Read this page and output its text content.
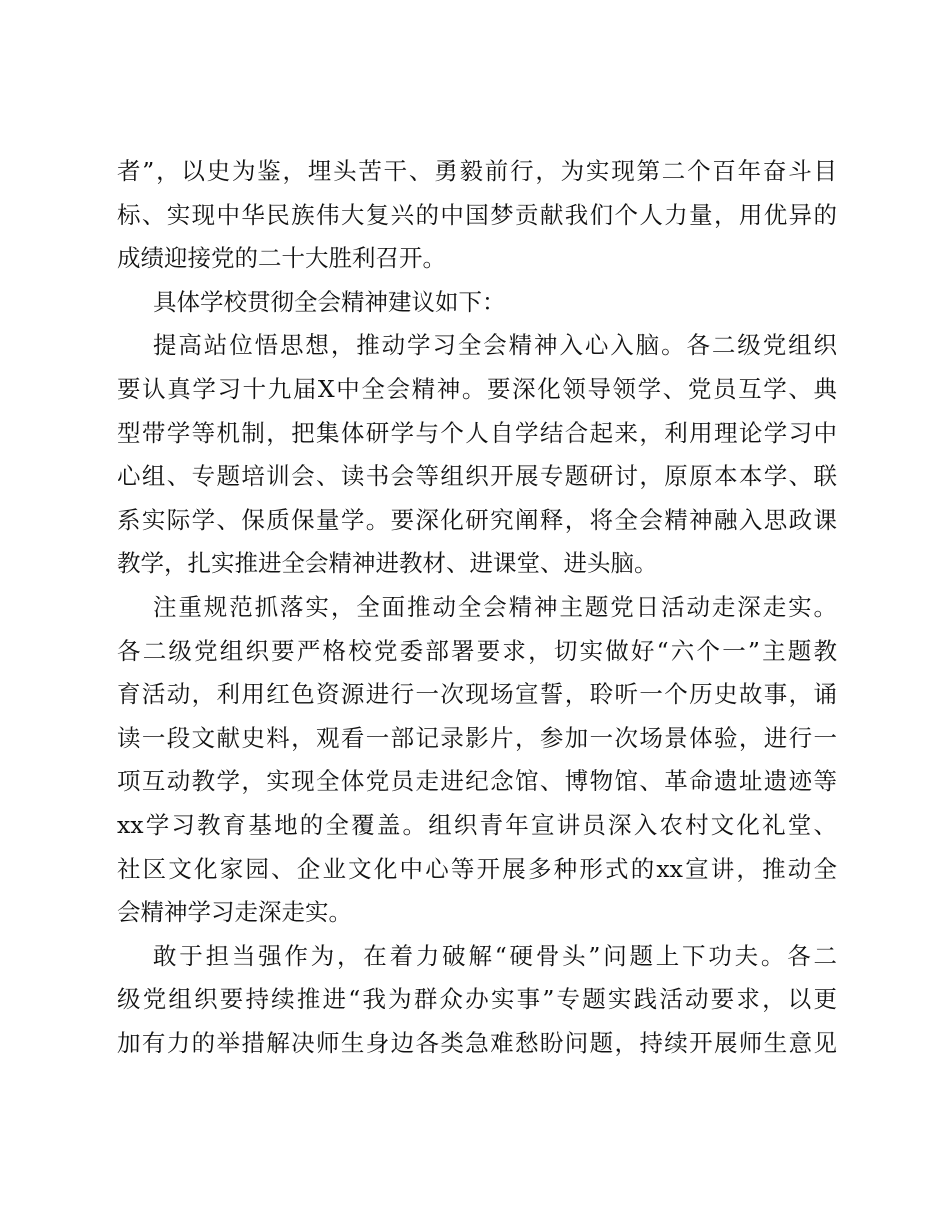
者”，以史为鉴，埋头苦干、勇毅前行，为实现第二个百年奋斗目
标、实现中华民族伟大复兴的中国梦贡献我们个人力量，用优异的
成绩迎接党的二十大胜利召开。
具体学校贯彻全会精神建议如下：
提高站位悟思想，推动学习全会精神入心入脑。各二级党组织
要认真学习十九届X中全会精神。要深化领导领学、党员互学、典
型带学等机制，把集体研学与个人自学结合起来，利用理论学习中
心组、专题培训会、读书会等组织开展专题研讨，原原本本学、联
系实际学、保质保量学。要深化研究阐释，将全会精神融入思政课
教学，扎实推进全会精神进教材、进课堂、进头脑。
注重规范抓落实，全面推动全会精神主题党日活动走深走实。
各二级党组织要严格校党委部署要求，切实做好“六个一”主题教
育活动，利用红色资源进行一次现场宣誓，聆听一个历史故事，诵
读一段文献史料，观看一部记录影片，参加一次场景体验，进行一
项互动教学，实现全体党员走进纪念馆、博物馆、革命遗址遗迹等
xx学习教育基地的全覆盖。组织青年宣讲员深入农村文化礼堂、
社区文化家园、企业文化中心等开展多种形式的xx宣讲，推动全
会精神学习走深走实。
敢于担当强作为，在着力破解“硬骨头”问题上下功夫。各二
级党组织要持续推进“我为群众办实事”专题实践活动要求，以更
加有力的举措解决师生身边各类急难愁盼问题，持续开展师生意见
